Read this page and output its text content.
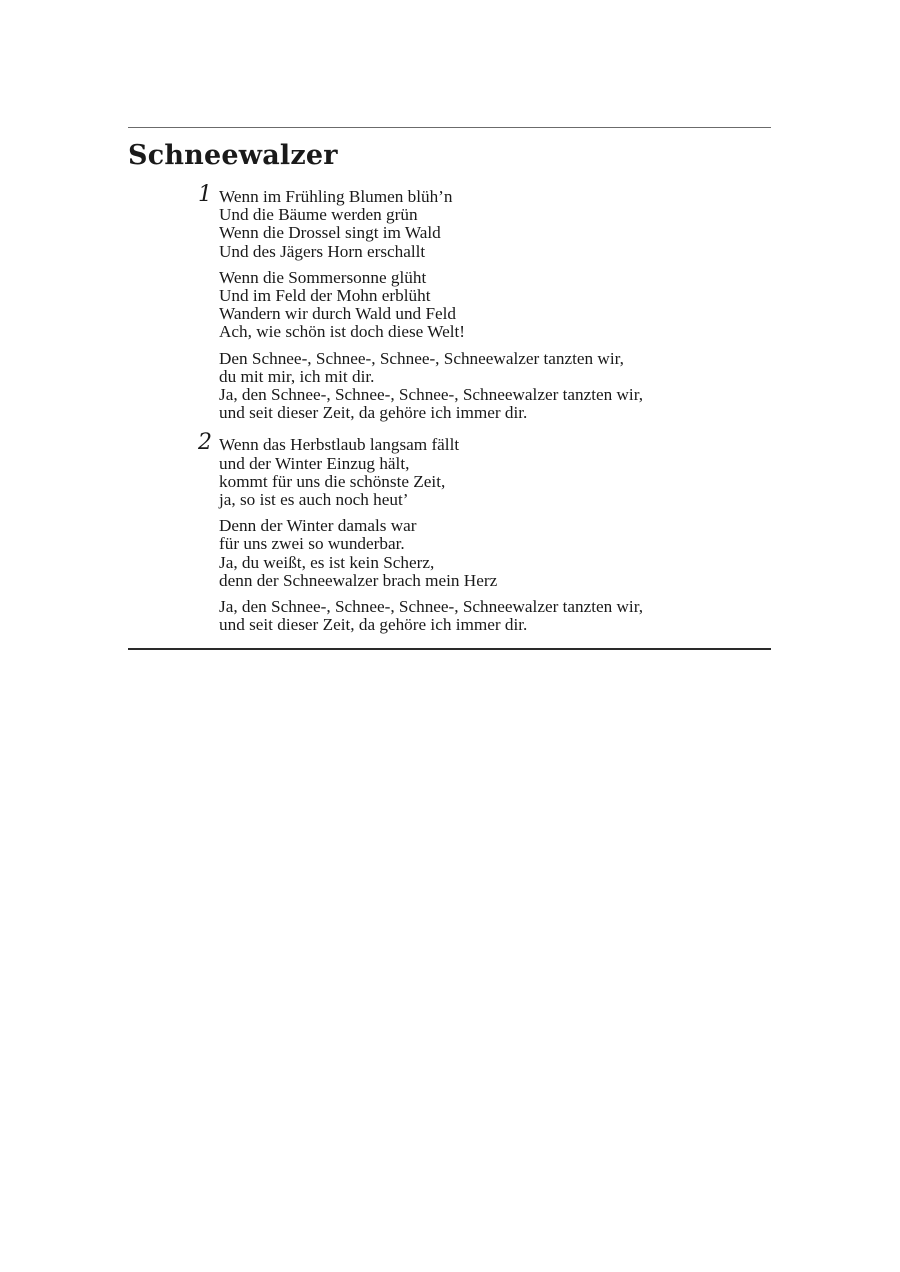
Schneewalzer
1 Wenn im Frühling Blumen blüh’n
Und die Bäume werden grün
Wenn die Drossel singt im Wald
Und des Jägers Horn erschallt
Wenn die Sommersonne glüht
Und im Feld der Mohn erblüht
Wandern wir durch Wald und Feld
Ach, wie schön ist doch diese Welt!
Den Schnee-, Schnee-, Schnee-, Schneewalzer tanzten wir,
du mit mir, ich mit dir.
Ja, den Schnee-, Schnee-, Schnee-, Schneewalzer tanzten wir,
und seit dieser Zeit, da gehöre ich immer dir.
2 Wenn das Herbstlaub langsam fällt
und der Winter Einzug hält,
kommt für uns die schönste Zeit,
ja, so ist es auch noch heut’
Denn der Winter damals war
für uns zwei so wunderbar.
Ja, du weißt, es ist kein Scherz,
denn der Schneewalzer brach mein Herz
Ja, den Schnee-, Schnee-, Schnee-, Schneewalzer tanzten wir,
und seit dieser Zeit, da gehöre ich immer dir.
